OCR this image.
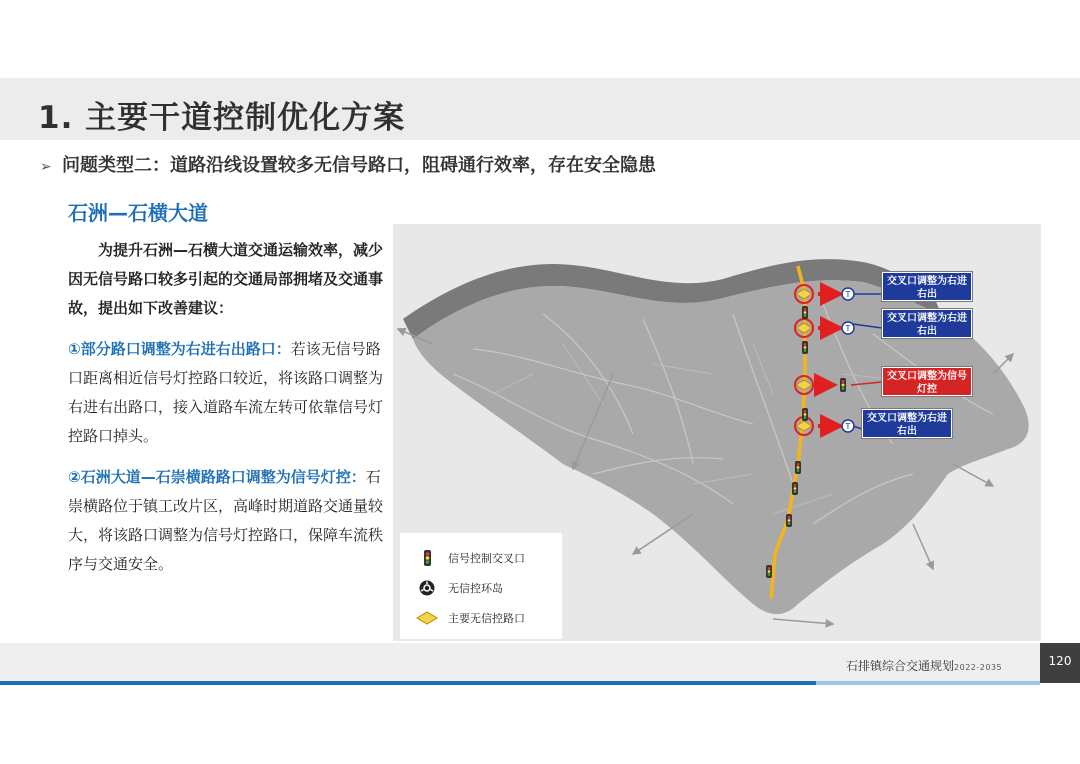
1. 主要干道控制优化方案
➢ 问题类型二：道路沿线设置较多无信号路口，阻碍通行效率，存在安全隐患
石洲—石横大道

为提升石洲—石横大道交通运输效率，减少因无信号路口较多引起的交通局部拥堵及交通事故，提出如下改善建议：

①部分路口调整为右进右出路口：若该无信号路口距离相近信号灯控路口较近，将该路口调整为右进右出路口，接入道路车流左转可依靠信号灯控路口掉头。

②石洲大道—石崇横路路口调整为信号灯控：石崇横路位于镇工改片区，高峰时期道路交通量较大，将该路口调整为信号灯控路口，保障车流秩序与交通安全。

T
T
T
交叉口调整为右进右出
交叉口调整为右进右出
交叉口调整为信号灯控
交叉口调整为右进右出
信号控制交叉口
无信控环岛
主要无信控路口
石排镇综合交通规划2022-2035	120
